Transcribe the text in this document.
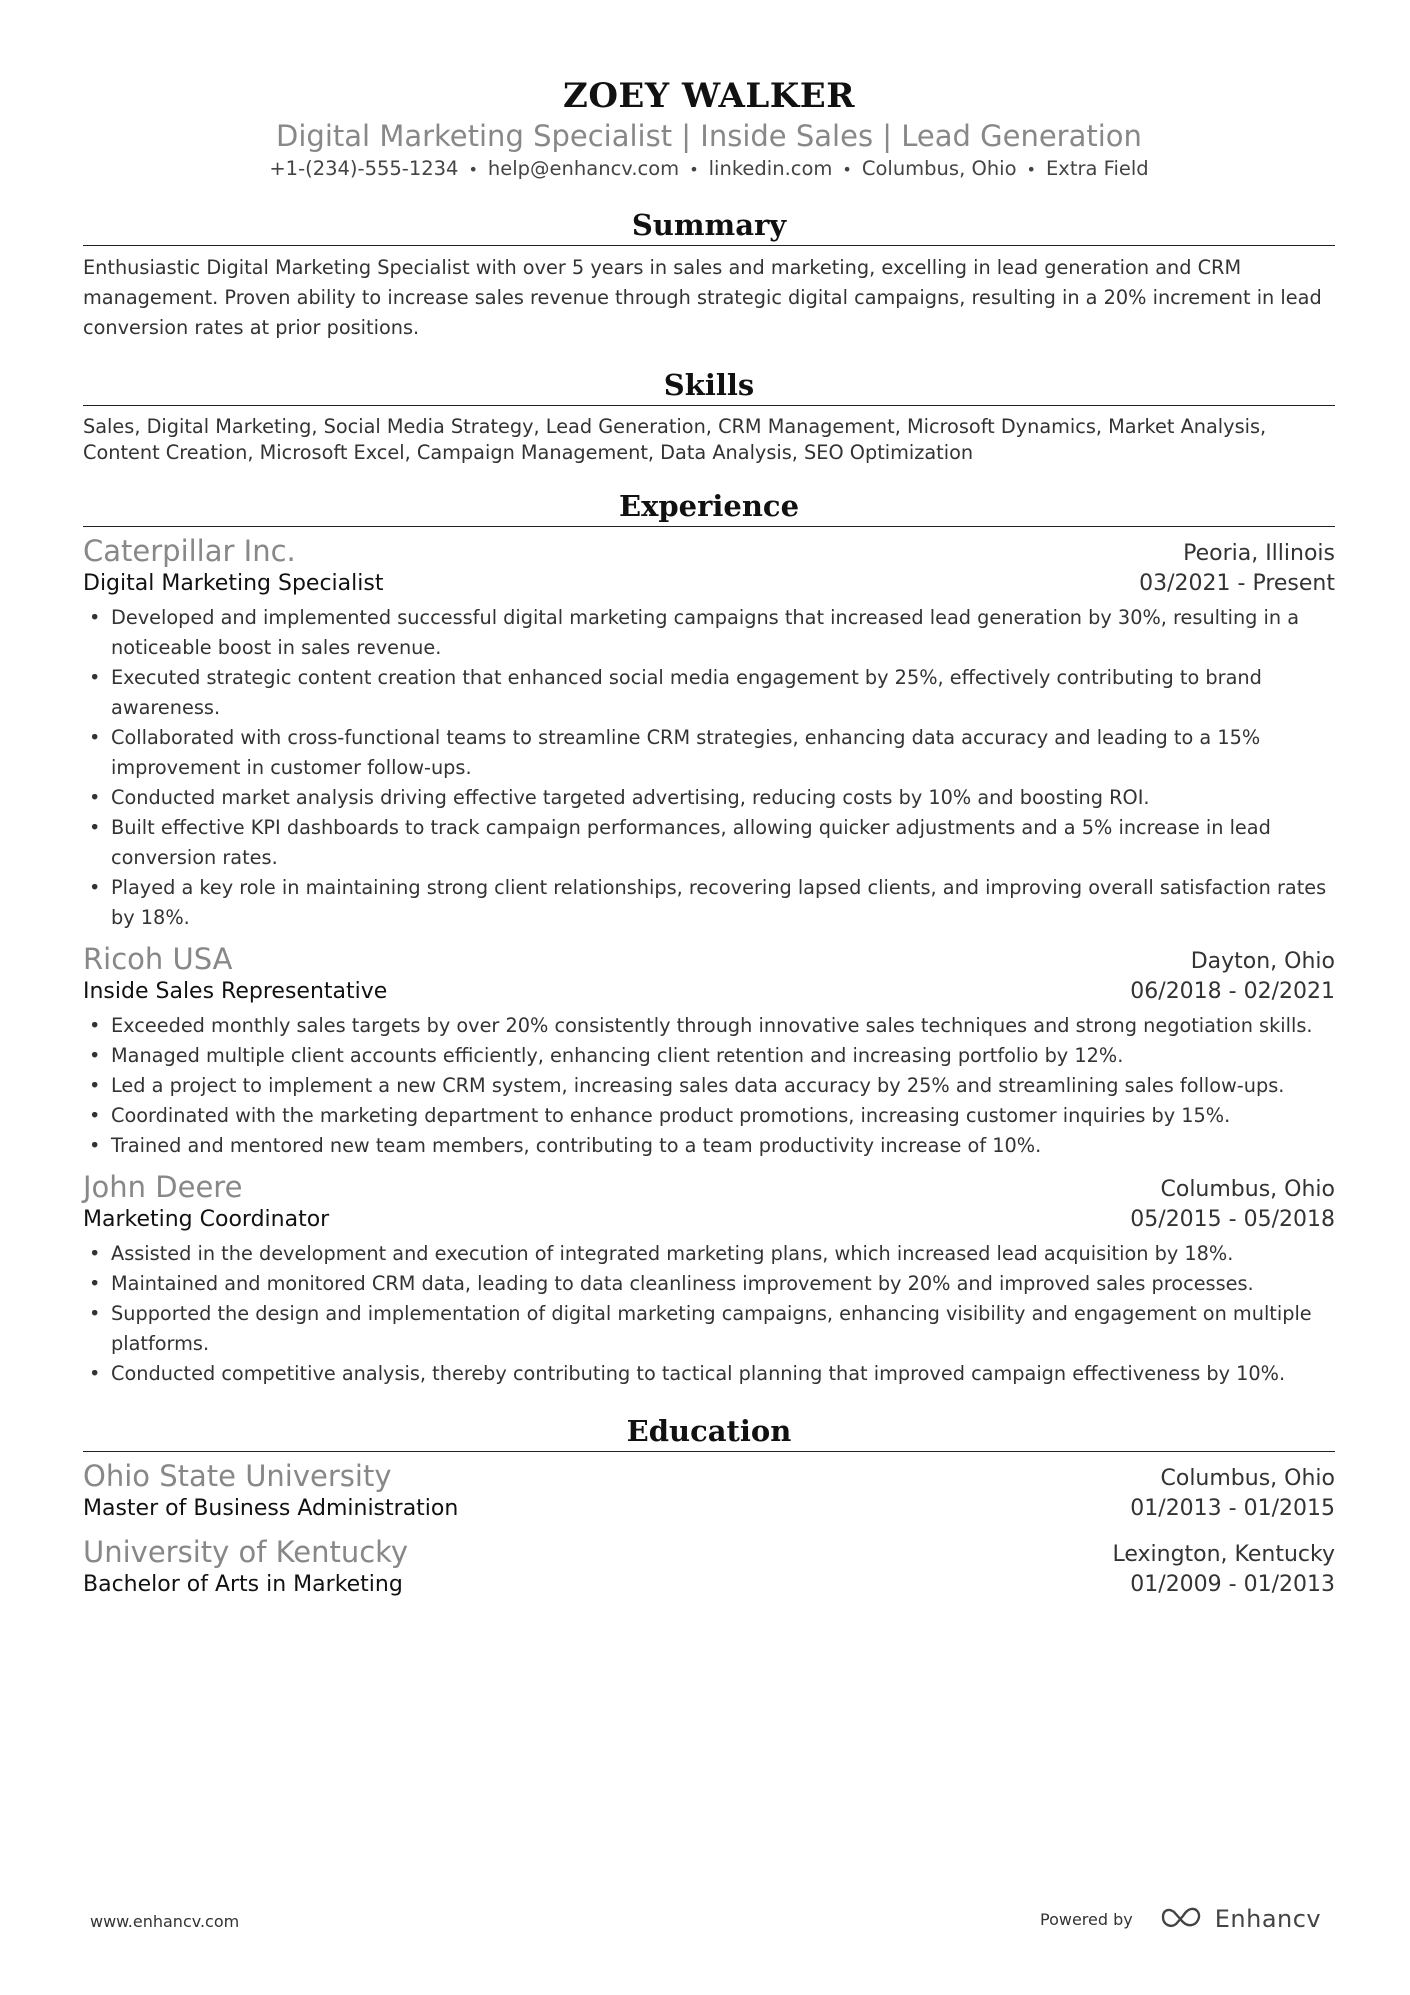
ZOEY WALKER
Digital Marketing Specialist | Inside Sales | Lead Generation
+1-(234)-555-1234 • help@enhancv.com • linkedin.com • Columbus, Ohio • Extra Field
Summary
Enthusiastic Digital Marketing Specialist with over 5 years in sales and marketing, excelling in lead generation and CRM management. Proven ability to increase sales revenue through strategic digital campaigns, resulting in a 20% increment in lead conversion rates at prior positions.
Skills
Sales, Digital Marketing, Social Media Strategy, Lead Generation, CRM Management, Microsoft Dynamics, Market Analysis, Content Creation, Microsoft Excel, Campaign Management, Data Analysis, SEO Optimization
Experience
Caterpillar Inc.	Peoria, Illinois
Digital Marketing Specialist	03/2021 - Present
• Developed and implemented successful digital marketing campaigns that increased lead generation by 30%, resulting in a noticeable boost in sales revenue.
• Executed strategic content creation that enhanced social media engagement by 25%, effectively contributing to brand awareness.
• Collaborated with cross-functional teams to streamline CRM strategies, enhancing data accuracy and leading to a 15% improvement in customer follow-ups.
• Conducted market analysis driving effective targeted advertising, reducing costs by 10% and boosting ROI.
• Built effective KPI dashboards to track campaign performances, allowing quicker adjustments and a 5% increase in lead conversion rates.
• Played a key role in maintaining strong client relationships, recovering lapsed clients, and improving overall satisfaction rates by 18%.
Ricoh USA	Dayton, Ohio
Inside Sales Representative	06/2018 - 02/2021
• Exceeded monthly sales targets by over 20% consistently through innovative sales techniques and strong negotiation skills.
• Managed multiple client accounts efficiently, enhancing client retention and increasing portfolio by 12%.
• Led a project to implement a new CRM system, increasing sales data accuracy by 25% and streamlining sales follow-ups.
• Coordinated with the marketing department to enhance product promotions, increasing customer inquiries by 15%.
• Trained and mentored new team members, contributing to a team productivity increase of 10%.
John Deere	Columbus, Ohio
Marketing Coordinator	05/2015 - 05/2018
• Assisted in the development and execution of integrated marketing plans, which increased lead acquisition by 18%.
• Maintained and monitored CRM data, leading to data cleanliness improvement by 20% and improved sales processes.
• Supported the design and implementation of digital marketing campaigns, enhancing visibility and engagement on multiple platforms.
• Conducted competitive analysis, thereby contributing to tactical planning that improved campaign effectiveness by 10%.
Education
Ohio State University	Columbus, Ohio
Master of Business Administration	01/2013 - 01/2015
University of Kentucky	Lexington, Kentucky
Bachelor of Arts in Marketing	01/2009 - 01/2013
www.enhancv.com	Powered by	Enhancv
